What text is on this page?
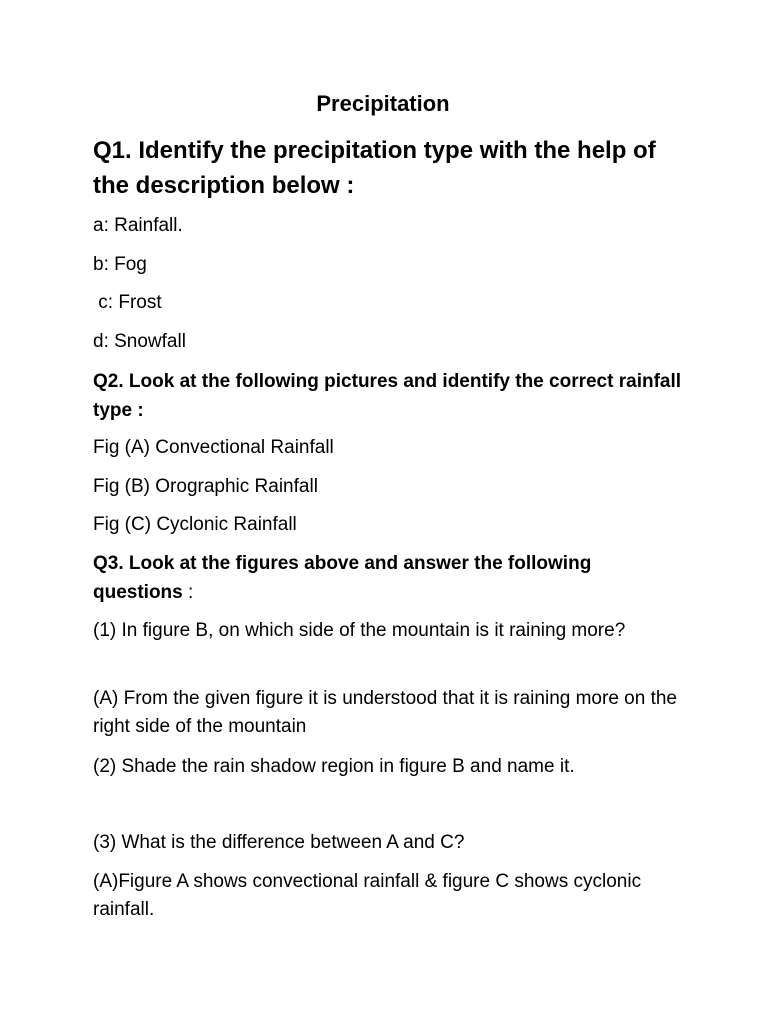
Precipitation

Q1. Identify the precipitation type with the help of the description below :

a: Rainfall.

b: Fog

c: Frost

d: Snowfall

Q2. Look at the following pictures and identify the correct rainfall type :

Fig (A) Convectional Rainfall

Fig (B) Orographic Rainfall

Fig (C) Cyclonic Rainfall

Q3. Look at the figures above and answer the following questions :

(1) In figure B, on which side of the mountain is it raining more?

(A) From the given figure it is understood that it is raining more on the right side of the mountain

(2) Shade the rain shadow region in figure B and name it.

(3) What is the difference between A and C?

(A)Figure A shows convectional rainfall & figure C shows cyclonic rainfall.
